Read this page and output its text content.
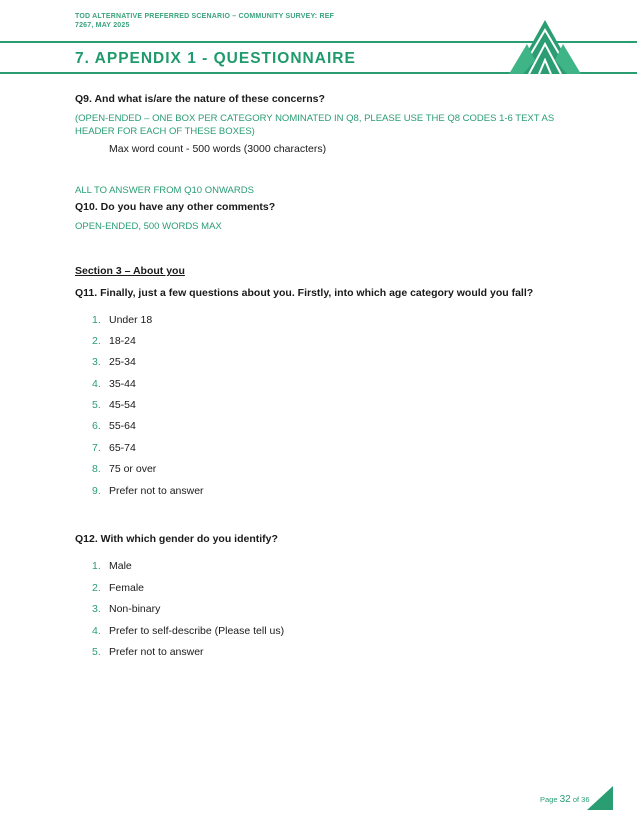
TOD ALTERNATIVE PREFERRED SCENARIO – COMMUNITY SURVEY: REF 7267, MAY 2025
7. APPENDIX 1 - QUESTIONNAIRE
Q9. And what is/are the nature of these concerns?
(OPEN-ENDED – ONE BOX PER CATEGORY NOMINATED IN Q8, PLEASE USE THE Q8 CODES 1-6 TEXT AS HEADER FOR EACH OF THESE BOXES)
Max word count - 500 words (3000 characters)
ALL TO ANSWER FROM Q10 ONWARDS
Q10. Do you have any other comments?
OPEN-ENDED, 500 WORDS MAX
Section 3 – About you
Q11. Finally, just a few questions about you. Firstly, into which age category would you fall?
1. Under 18
2. 18-24
3. 25-34
4. 35-44
5. 45-54
6. 55-64
7. 65-74
8. 75 or over
9. Prefer not to answer
Q12. With which gender do you identify?
1. Male
2. Female
3. Non-binary
4. Prefer to self-describe (Please tell us)
5. Prefer not to answer
Page 32 of 36
